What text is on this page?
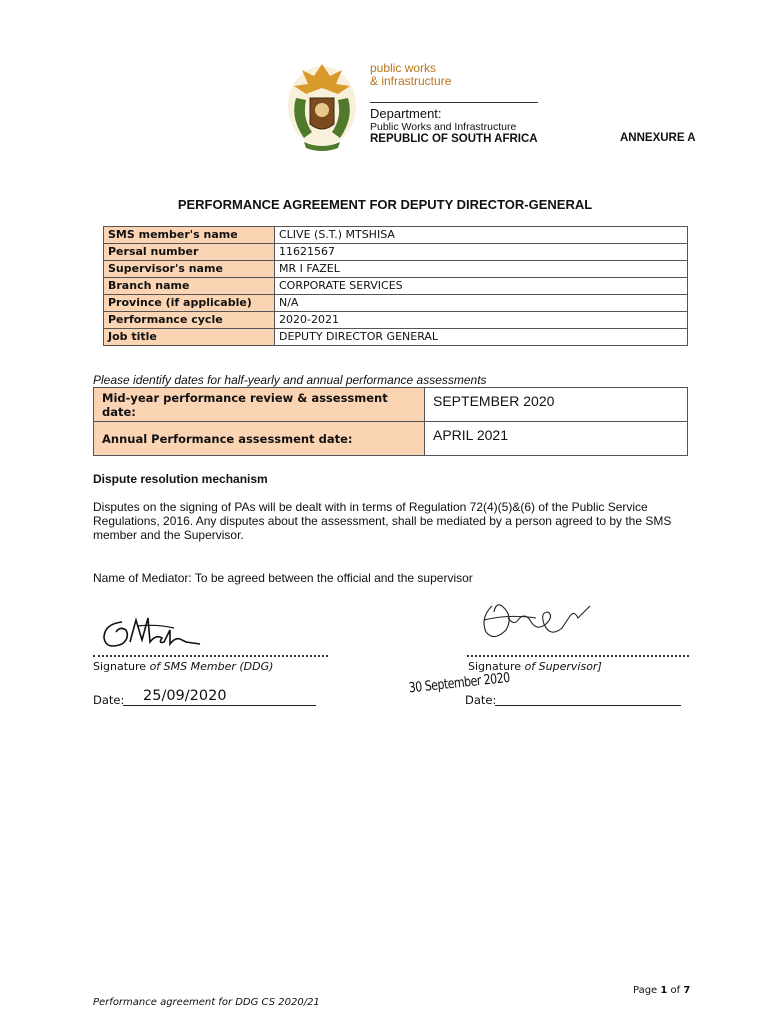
public works
& infrastructure
Department:
Public Works and Infrastructure
REPUBLIC OF SOUTH AFRICA	ANNEXURE A
PERFORMANCE AGREEMENT FOR DEPUTY DIRECTOR-GENERAL
SMS member's name	CLIVE (S.T.) MTSHISA
Persal number	11621567
Supervisor's name	MR I FAZEL
Branch name	CORPORATE SERVICES
Province (if applicable)	N/A
Performance cycle	2020-2021
Job title	DEPUTY DIRECTOR GENERAL
Please identify dates for half-yearly and annual performance assessments
Mid-year performance review & assessment date:	SEPTEMBER 2020
Annual Performance assessment date:	APRIL 2021
Dispute resolution mechanism
Disputes on the signing of PAs will be dealt with in terms of Regulation 72(4)(5)&(6) of the Public Service Regulations, 2016. Any disputes about the assessment, shall be mediated by a person agreed to by the SMS member and the Supervisor.
Name of Mediator: To be agreed between the official and the supervisor
Signature of SMS Member (DDG)	Signature of Supervisor]
Date: 25/09/2020	Date:
30 September 2020
Page 1 of 7
Performance agreement for DDG CS 2020/21
